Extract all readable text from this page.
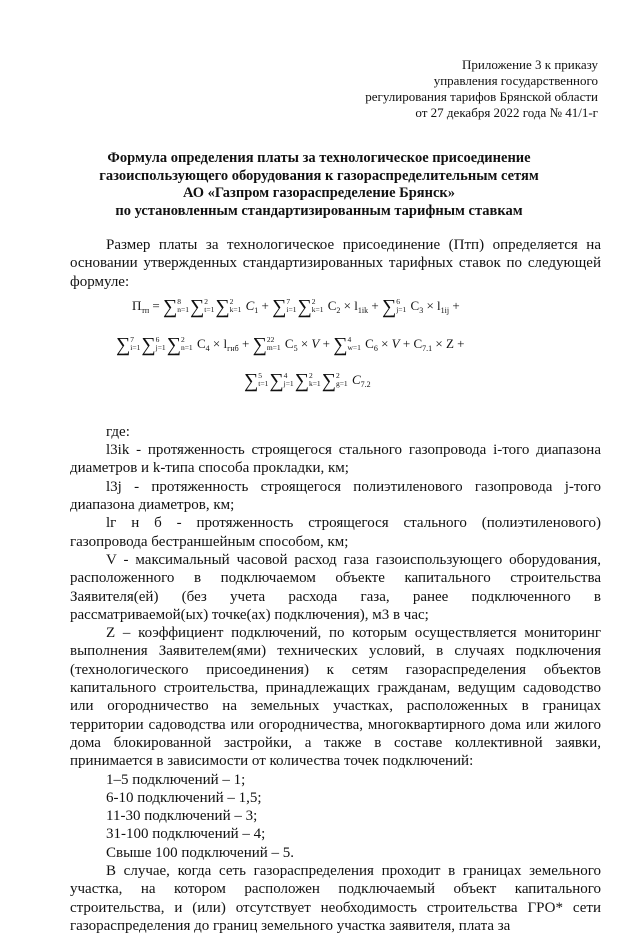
Приложение 3 к приказу
управления государственного
регулирования тарифов Брянской области
от 27 декабря 2022 года № 41/1-г
Формула определения платы за технологическое присоединение
газоиспользующего оборудования к газораспределительным сетям
АО «Газпром газораспределение Брянск»
по установленным стандартизированным тарифным ставкам

Размер платы за технологическое присоединение (Птп) определяется на основании утвержденных стандартизированных тарифных ставок по следующей формуле:

$П_{тп} = \sum 8$
n=1∑2
t=1∑2
k=1 $C_1 + \sum 7$
i=1∑2
k=1 $C_2 \times l_{1ik} + \sum 6$
j=1 $C_3 \times l_{1ij}$ +
∑7
i=1∑6
j=1∑2
n=1 $C_4 \times l_{гнб} + \sum 22$
m=1 $C_5 \times V + \sum 4$
w=1 $C_6 \times V + C_{7.1} \times Z$ +
∑5
t=1∑4
j=1∑2
k=1∑2
g=1 $C_{7.2}$

где:

l3ik - протяженность строящегося стального газопровода i-того диапазона диаметров и k-типа способа прокладки, км;

l3j - протяженность строящегося полиэтиленового газопровода j-того диапазона диаметров, км;

lг н б - протяженность строящегося стального (полиэтиленового) газопровода бестраншейным способом, км;

V - максимальный часовой расход газа газоиспользующего оборудования, расположенного в подключаемом объекте капитального строительства Заявителя(ей) (без учета расхода газа, ранее подключенного в рассматриваемой(ых) точке(ах) подключения), м3 в час;

Z – коэффициент подключений, по которым осуществляется мониторинг выполнения Заявителем(ями) технических условий, в случаях подключения (технологического присоединения) к сетям газораспределения объектов капитального строительства, принадлежащих гражданам, ведущим садоводство или огородничество на земельных участках, расположенных в границах территории садоводства или огородничества, многоквартирного дома или жилого дома блокированной застройки, а также в составе коллективной заявки, принимается в зависимости от количества точек подключений:

1–5 подключений – 1;

6-10 подключений – 1,5;

11-30 подключений – 3;

31-100 подключений – 4;

Свыше 100 подключений – 5.

В случае, когда сеть газораспределения проходит в границах земельного участка, на котором расположен подключаемый объект капитального строительства, и (или) отсутствует необходимость строительства ГРО* сети газораспределения до границ земельного участка заявителя, плата за
